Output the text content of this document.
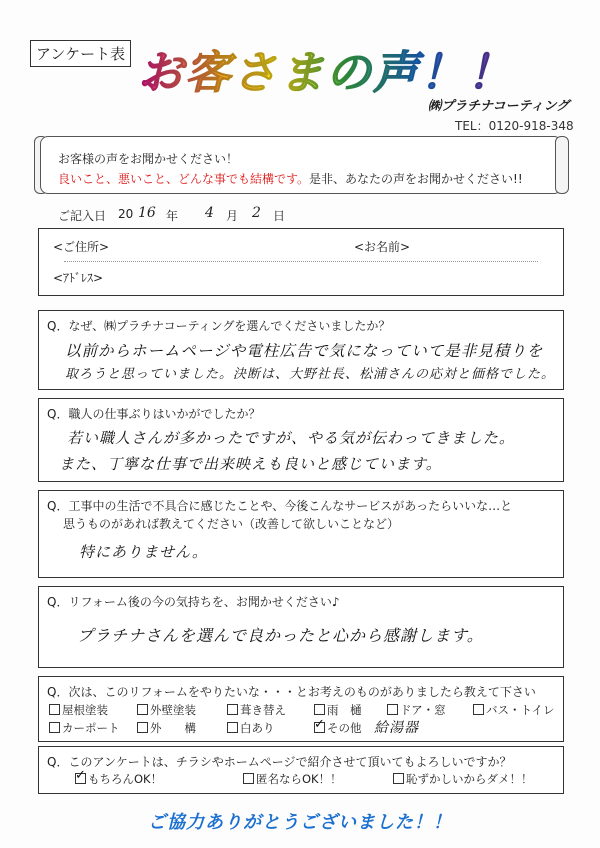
アンケート表 お客さまの声！！
㈱プラチナコーティング
TEL：0120-918-348
お客様の声をお聞かせください！
良いこと、悪いこと、どんな事でも結構です。是非、あなたの声をお聞かせください!!
ご記入日 20 16 年 4 月 2 日
<ご住所>	<お名前>
<ｱﾄﾞﾚｽ>
Q．なぜ、㈱プラチナコーティングを選んでくださいましたか？
以前からホームページや電柱広告で気になっていて是非見積りを
取ろうと思っていました。決断は、大野社長、松浦さんの応対と価格でした。
Q．職人の仕事ぶりはいかがでしたか？
若い職人さんが多かったですが、やる気が伝わってきました。
また、丁寧な仕事で出来映えも良いと感じています。
Q．工事中の生活で不具合に感じたことや、今後こんなサービスがあったらいいな…と
思うものがあれば教えてください（改善して欲しいことなど）
特にありません。
Q．リフォーム後の今の気持ちを、お聞かせください♪
プラチナさんを選んで良かったと心から感謝します。
Q．次は、このリフォームをやりたいな・・・とお考えのものがありましたら教えて下さい
屋根塗装	外壁塗装	葺き替え	雨　樋	ドア・窓	バス・トイレ
カーポート	外　　構	白あり
✓	その他 給湯器
Q．このアンケートは、チラシやホームページで紹介させて頂いてもよろしいですか？
✓もちろんOK！	匿名ならOK！！	恥ずかしいからダメ！！
ご協力ありがとうございました！！
